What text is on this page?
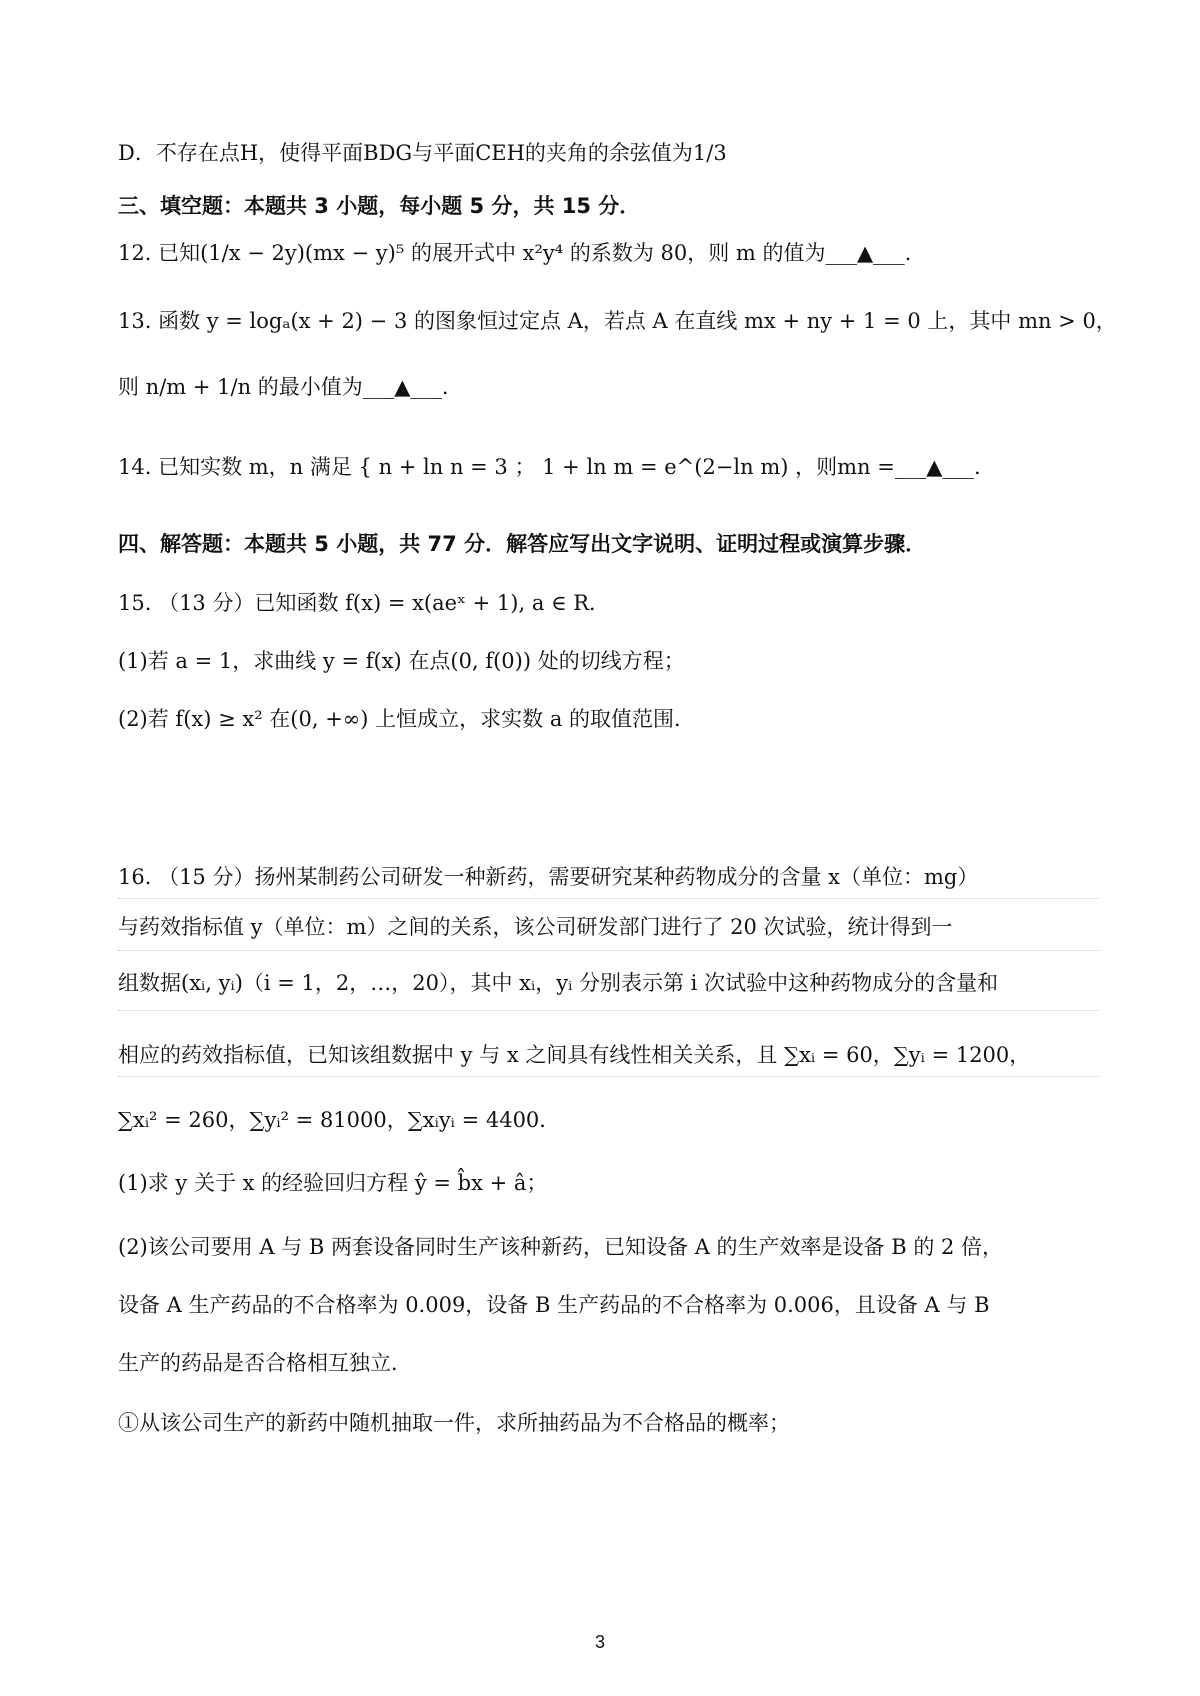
D．不存在点H，使得平面BDG与平面CEH的夹角的余弦值为1/3
三、填空题：本题共 3 小题，每小题 5 分，共 15 分．
12. 已知(1/x − 2y)(mx − y)⁵ 的展开式中 x²y⁴ 的系数为 80，则 m 的值为___▲___.
13. 函数 y = logₐ(x + 2) − 3 的图象恒过定点 A，若点 A 在直线 mx + ny + 1 = 0 上，其中 mn > 0，
则 n/m + 1/n 的最小值为___▲___.
14. 已知实数 m，n 满足 { n + ln n = 3 ； 1 + ln m = e^(2−ln m) ，则mn =___▲___.
四、解答题：本题共 5 小题，共 77 分．解答应写出文字说明、证明过程或演算步骤．
15. （13 分）已知函数 f(x) = x(aeˣ + 1), a ∈ R．
(1)若 a = 1，求曲线 y = f(x) 在点(0, f(0)) 处的切线方程；
(2)若 f(x) ≥ x² 在(0, +∞) 上恒成立，求实数 a 的取值范围．
16. （15 分）扬州某制药公司研发一种新药，需要研究某种药物成分的含量 x（单位：mg）
与药效指标值 y（单位：m）之间的关系，该公司研发部门进行了 20 次试验，统计得到一
组数据(xᵢ, yᵢ)（i = 1，2，…，20），其中 xᵢ，yᵢ 分别表示第 i 次试验中这种药物成分的含量和
相应的药效指标值，已知该组数据中 y 与 x 之间具有线性相关关系，且 ∑xᵢ = 60，∑yᵢ = 1200，
∑xᵢ² = 260，∑yᵢ² = 81000，∑xᵢyᵢ = 4400．
(1)求 y 关于 x 的经验回归方程 ŷ = b̂x + â；
(2)该公司要用 A 与 B 两套设备同时生产该种新药，已知设备 A 的生产效率是设备 B 的 2 倍，
设备 A 生产药品的不合格率为 0.009，设备 B 生产药品的不合格率为 0.006，且设备 A 与 B
生产的药品是否合格相互独立．
①从该公司生产的新药中随机抽取一件，求所抽药品为不合格品的概率；
3
